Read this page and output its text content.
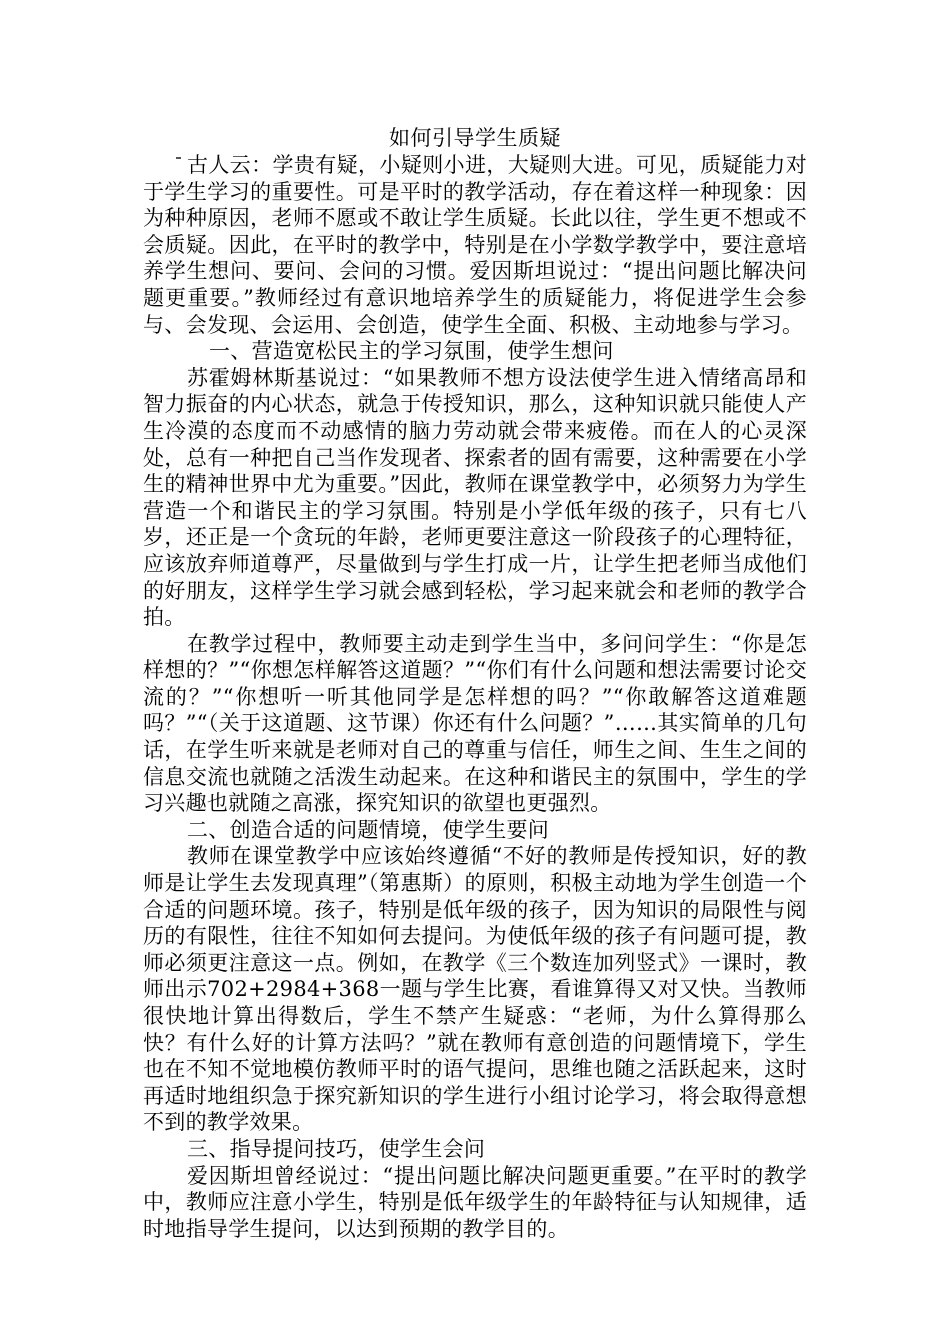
如何引导学生质疑

古人云：学贵有疑，小疑则小进，大疑则大进。可见，质疑能力对于学生学习的重要性。可是平时的教学活动，存在着这样一种现象：因为种种原因，老师不愿或不敢让学生质疑。长此以往，学生更不想或不会质疑。因此，在平时的教学中，特别是在小学数学教学中，要注意培养学生想问、要问、会问的习惯。爱因斯坦说过：“提出问题比解决问题更重要。”教师经过有意识地培养学生的质疑能力，将促进学生会参与、会发现、会运用、会创造，使学生全面、积极、主动地参与学习。

一、营造宽松民主的学习氛围，使学生想问

苏霍姆林斯基说过：“如果教师不想方设法使学生进入情绪高昂和智力振奋的内心状态，就急于传授知识，那么，这种知识就只能使人产生冷漠的态度而不动感情的脑力劳动就会带来疲倦。而在人的心灵深处，总有一种把自己当作发现者、探索者的固有需要，这种需要在小学生的精神世界中尤为重要。”因此，教师在课堂教学中，必须努力为学生营造一个和谐民主的学习氛围。特别是小学低年级的孩子，只有七八岁，还正是一个贪玩的年龄，老师更要注意这一阶段孩子的心理特征，应该放弃师道尊严，尽量做到与学生打成一片，让学生把老师当成他们的好朋友，这样学生学习就会感到轻松，学习起来就会和老师的教学合拍。

在教学过程中，教师要主动走到学生当中，多问问学生：“你是怎样想的？”“你想怎样解答这道题？”“你们有什么问题和想法需要讨论交流的？”“你想听一听其他同学是怎样想的吗？”“你敢解答这道难题吗？”“（关于这道题、这节课）你还有什么问题？”……其实简单的几句话，在学生听来就是老师对自己的尊重与信任，师生之间、生生之间的信息交流也就随之活泼生动起来。在这种和谐民主的氛围中，学生的学习兴趣也就随之高涨，探究知识的欲望也更强烈。

二、创造合适的问题情境，使学生要问

教师在课堂教学中应该始终遵循“不好的教师是传授知识，好的教师是让学生去发现真理”（第惠斯）的原则，积极主动地为学生创造一个合适的问题环境。孩子，特别是低年级的孩子，因为知识的局限性与阅历的有限性，往往不知如何去提问。为使低年级的孩子有问题可提，教师必须更注意这一点。例如，在教学《三个数连加列竖式》一课时，教师出示702+2984+368一题与学生比赛，看谁算得又对又快。当教师很快地计算出得数后，学生不禁产生疑惑：“老师，为什么算得那么快？有什么好的计算方法吗？”就在教师有意创造的问题情境下，学生也在不知不觉地模仿教师平时的语气提问，思维也随之活跃起来，这时再适时地组织急于探究新知识的学生进行小组讨论学习，将会取得意想不到的教学效果。

三、指导提问技巧，使学生会问

爱因斯坦曾经说过：“提出问题比解决问题更重要。”在平时的教学中，教师应注意小学生，特别是低年级学生的年龄特征与认知规律，适时地指导学生提问，以达到预期的教学目的。
